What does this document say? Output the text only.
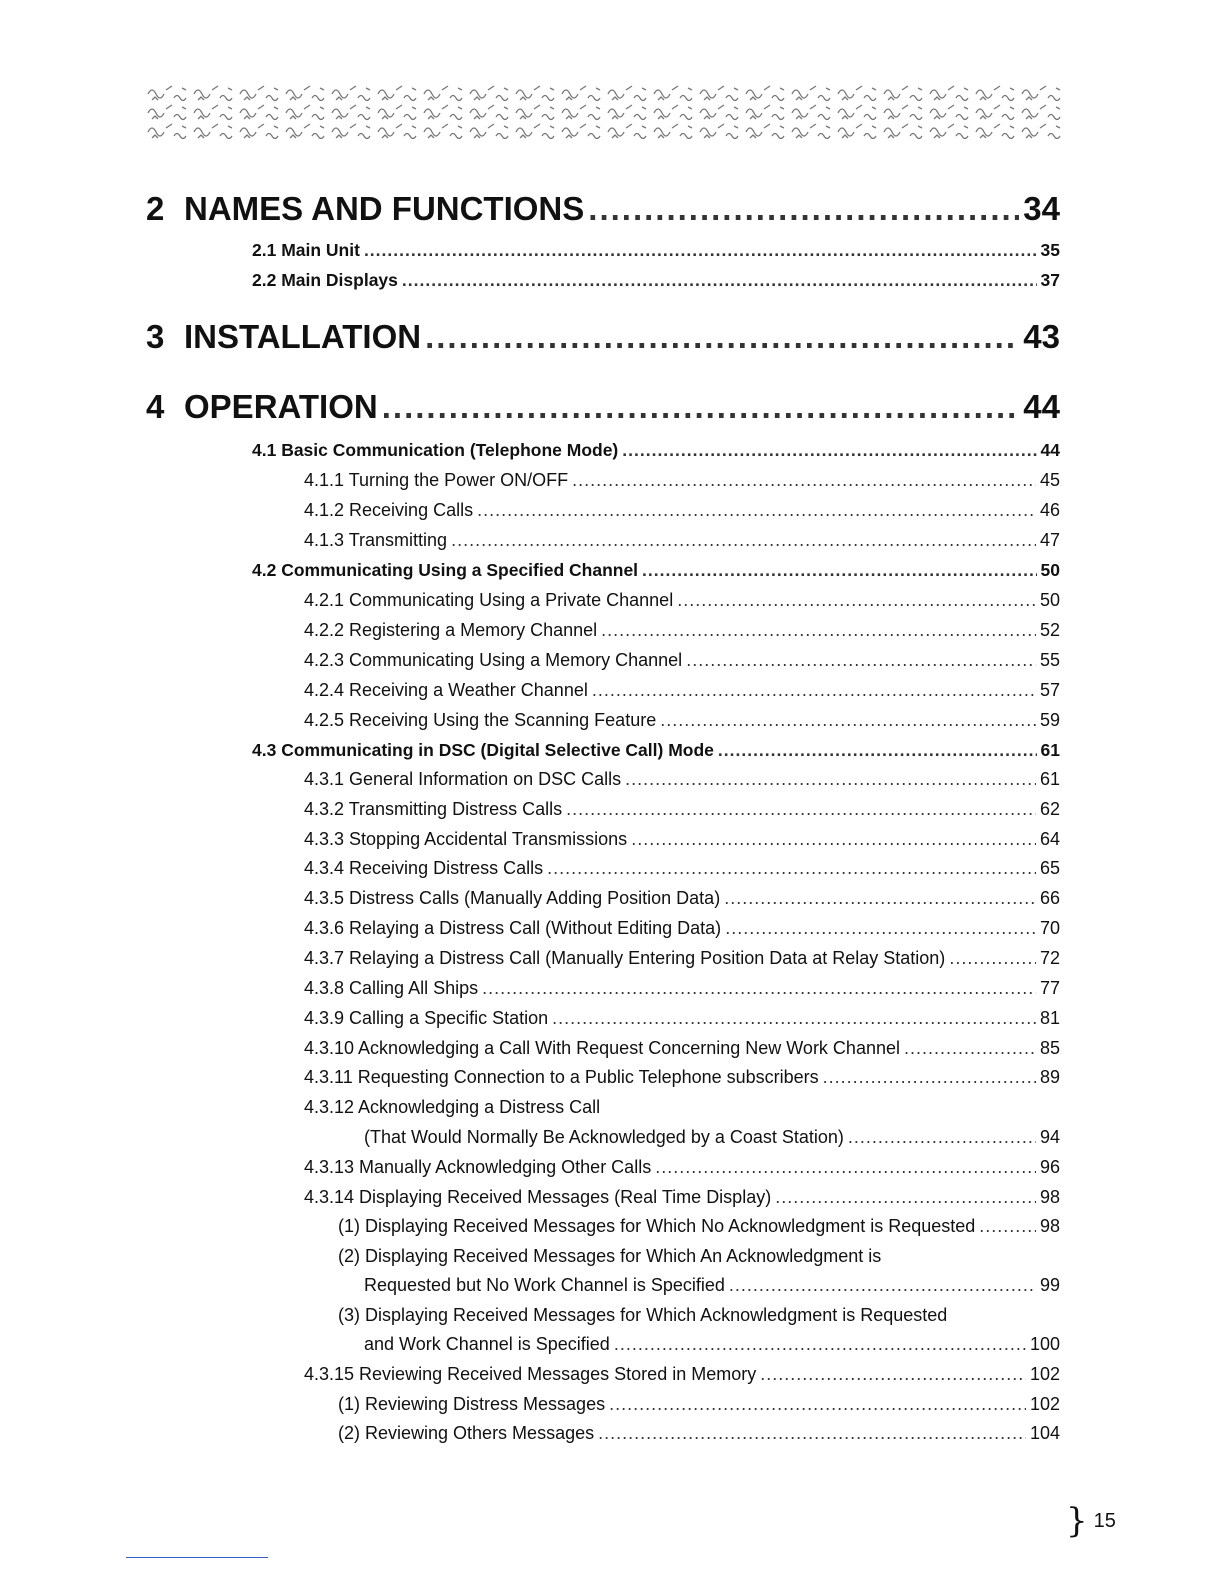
2 NAMES AND FUNCTIONS .....	34
2.1 Main Unit .....	35
2.2 Main Displays .....	37
3 INSTALLATION .....	43
4 OPERATION .....	44
4.1 Basic Communication (Telephone Mode) .....	44
4.1.1 Turning the Power ON/OFF .....	45
4.1.2 Receiving Calls .....	46
4.1.3 Transmitting .....	47
4.2 Communicating Using a Specified Channel .....	50
4.2.1 Communicating Using a Private Channel .....	50
4.2.2 Registering a Memory Channel .....	52
4.2.3 Communicating Using a Memory Channel .....	55
4.2.4 Receiving a Weather Channel .....	57
4.2.5 Receiving Using the Scanning Feature .....	59
4.3 Communicating in DSC (Digital Selective Call) Mode .....	61
4.3.1 General Information on DSC Calls .....	61
4.3.2 Transmitting Distress Calls .....	62
4.3.3 Stopping Accidental Transmissions .....	64
4.3.4 Receiving Distress Calls .....	65
4.3.5 Distress Calls (Manually Adding Position Data) .....	66
4.3.6 Relaying a Distress Call (Without Editing Data) .....	70
4.3.7 Relaying a Distress Call (Manually Entering Position Data at Relay Station) .....	72
4.3.8 Calling All Ships .....	77
4.3.9 Calling a Specific Station .....	81
4.3.10 Acknowledging a Call With Request Concerning New Work Channel .....	85
4.3.11 Requesting Connection to a Public Telephone subscribers .....	89
4.3.12 Acknowledging a Distress Call
(That Would Normally Be Acknowledged by a Coast Station) .....	94
4.3.13 Manually Acknowledging Other Calls .....	96
4.3.14 Displaying Received Messages (Real Time Display) .....	98
(1) Displaying Received Messages for Which No Acknowledgment is Requested .....	98
(2) Displaying Received Messages for Which An Acknowledgment is
Requested but No Work Channel is Specified .....	99
(3) Displaying Received Messages for Which Acknowledgment is Requested
and Work Channel is Specified .....	100
4.3.15 Reviewing Received Messages Stored in Memory .....	102
(1) Reviewing Distress Messages .....	102
(2) Reviewing Others Messages .....	104
} 15
